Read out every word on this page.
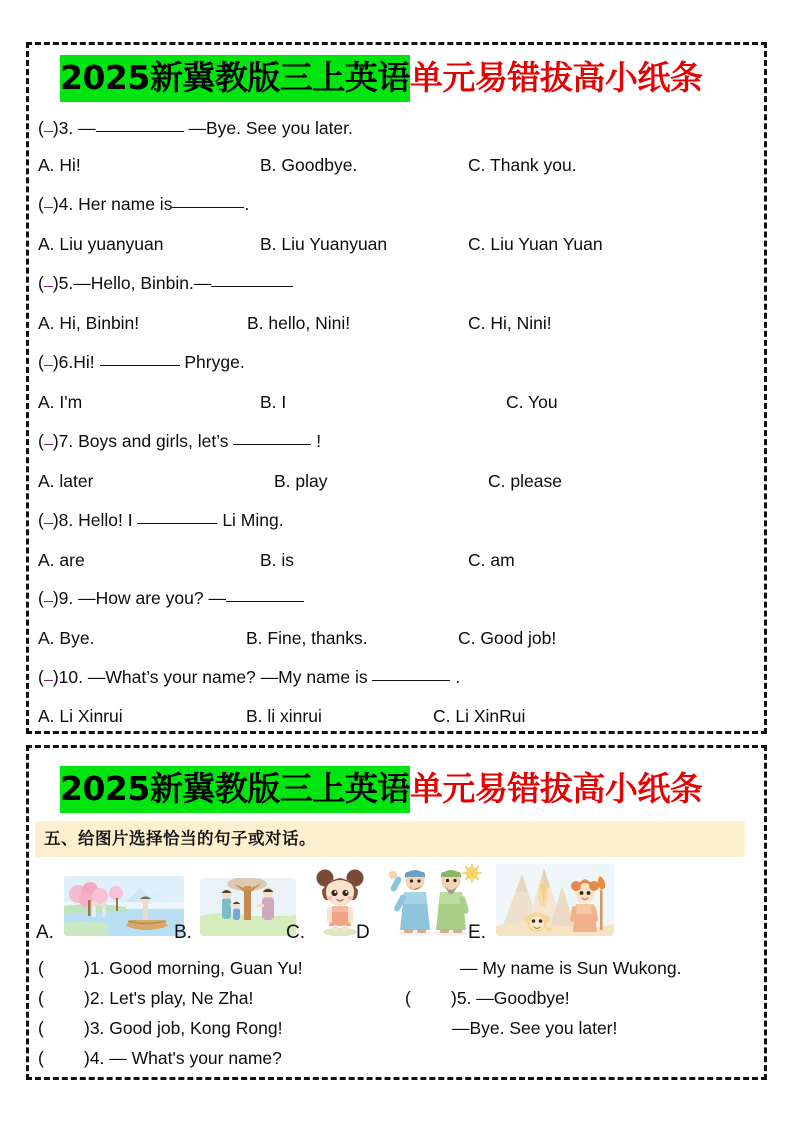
2025新冀教版三上英语单元易错拔高小纸条
( )3. —	—Bye. See you later.
A. Hi!	B. Goodbye.	C. Thank you.
( )4. Her name is	.
A. Liu yuanyuan	B. Liu Yuanyuan	C. Liu Yuan Yuan
( )5.—Hello, Binbin.—
A. Hi, Binbin!	B. hello, Nini!	C. Hi, Nini!
( )6.Hi!	Phryge.
A. I'm	B. I	C. You
( )7. Boys and girls, let’s	!
A. later	B. play	C. please
( )8. Hello! I	Li Ming.
A. are	B. is	C. am
( )9. —How are you? —
A. Bye.	B. Fine, thanks.	C. Good job!
( )10. —What’s your name? —My name is	.
A. Li Xinrui	B. li xinrui	C. Li XinRui
2025新冀教版三上英语单元易错拔高小纸条
五、给图片选择恰当的句子或对话。
A.	B.	C.	D	E.
( )1. Good morning, Guan Yu!
( )2. Let's play, Ne Zha!
( )3. Good job, Kong Rong!
( )4. — What's your name?
— My name is Sun Wukong.
( )5. —Goodbye!
—Bye. See you later!
